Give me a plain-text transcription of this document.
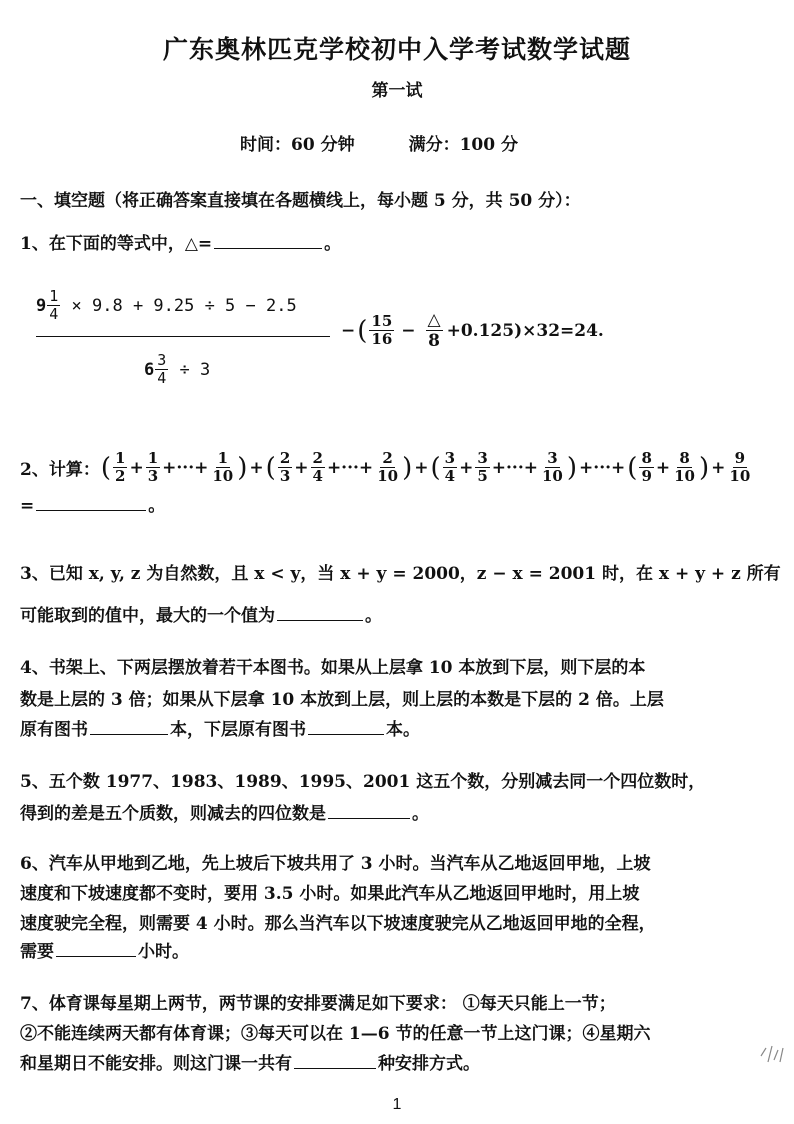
广东奥林匹克学校初中入学考试数学试题
第一试
时间：60 分钟	满分：100 分
一、填空题（将正确答案直接填在各题横线上，每小题 5 分，共 50 分）：
1、在下面的等式中，△=	。
$9 \frac{1}{4} \times 9.8 + 9.25 \div 5 - 2.5$
$6 \frac{3}{4} \div 3$
− ( $\frac{15}{16} - \frac{\triangle}{8} +0.125)\times 32=24$.
2、计算： ( $\frac{1}{2} + \frac{1}{3}$ +···+ $\frac{1}{10}$ ) + ( $\frac{2}{3} + \frac{2}{4}$ +···+ $\frac{2}{10}$ ) + ( $\frac{3}{4} + \frac{3}{5}$ +···+ $\frac{3}{10}$ ) +···+ ( $\frac{8}{9} + \frac{8}{10}$ ) + $\frac{9}{10}$
=	。
3、已知 x, y, z 为自然数，且 x < y，当 x + y = 2000，z − x = 2001 时，在 x + y + z 所有
可能取到的值中，最大的一个值为	。
4、书架上、下两层摆放着若干本图书。如果从上层拿 10 本放到下层，则下层的本
数是上层的 3 倍；如果从下层拿 10 本放到上层，则上层的本数是下层的 2 倍。上层
原有图书	本，下层原有图书	本。
5、五个数 1977、1983、1989、1995、2001 这五个数，分别减去同一个四位数时，
得到的差是五个质数，则减去的四位数是	。
6、汽车从甲地到乙地，先上坡后下坡共用了 3 小时。当汽车从乙地返回甲地，上坡
速度和下坡速度都不变时，要用 3.5 小时。如果此汽车从乙地返回甲地时，用上坡
速度驶完全程，则需要 4 小时。那么当汽车以下坡速度驶完从乙地返回甲地的全程，
需要	小时。
7、体育课每星期上两节，两节课的安排要满足如下要求： ①每天只能上一节；
②不能连续两天都有体育课；③每天可以在 1—6 节的任意一节上这门课；④星期六
和星期日不能安排。则这门课一共有	种安排方式。
1
